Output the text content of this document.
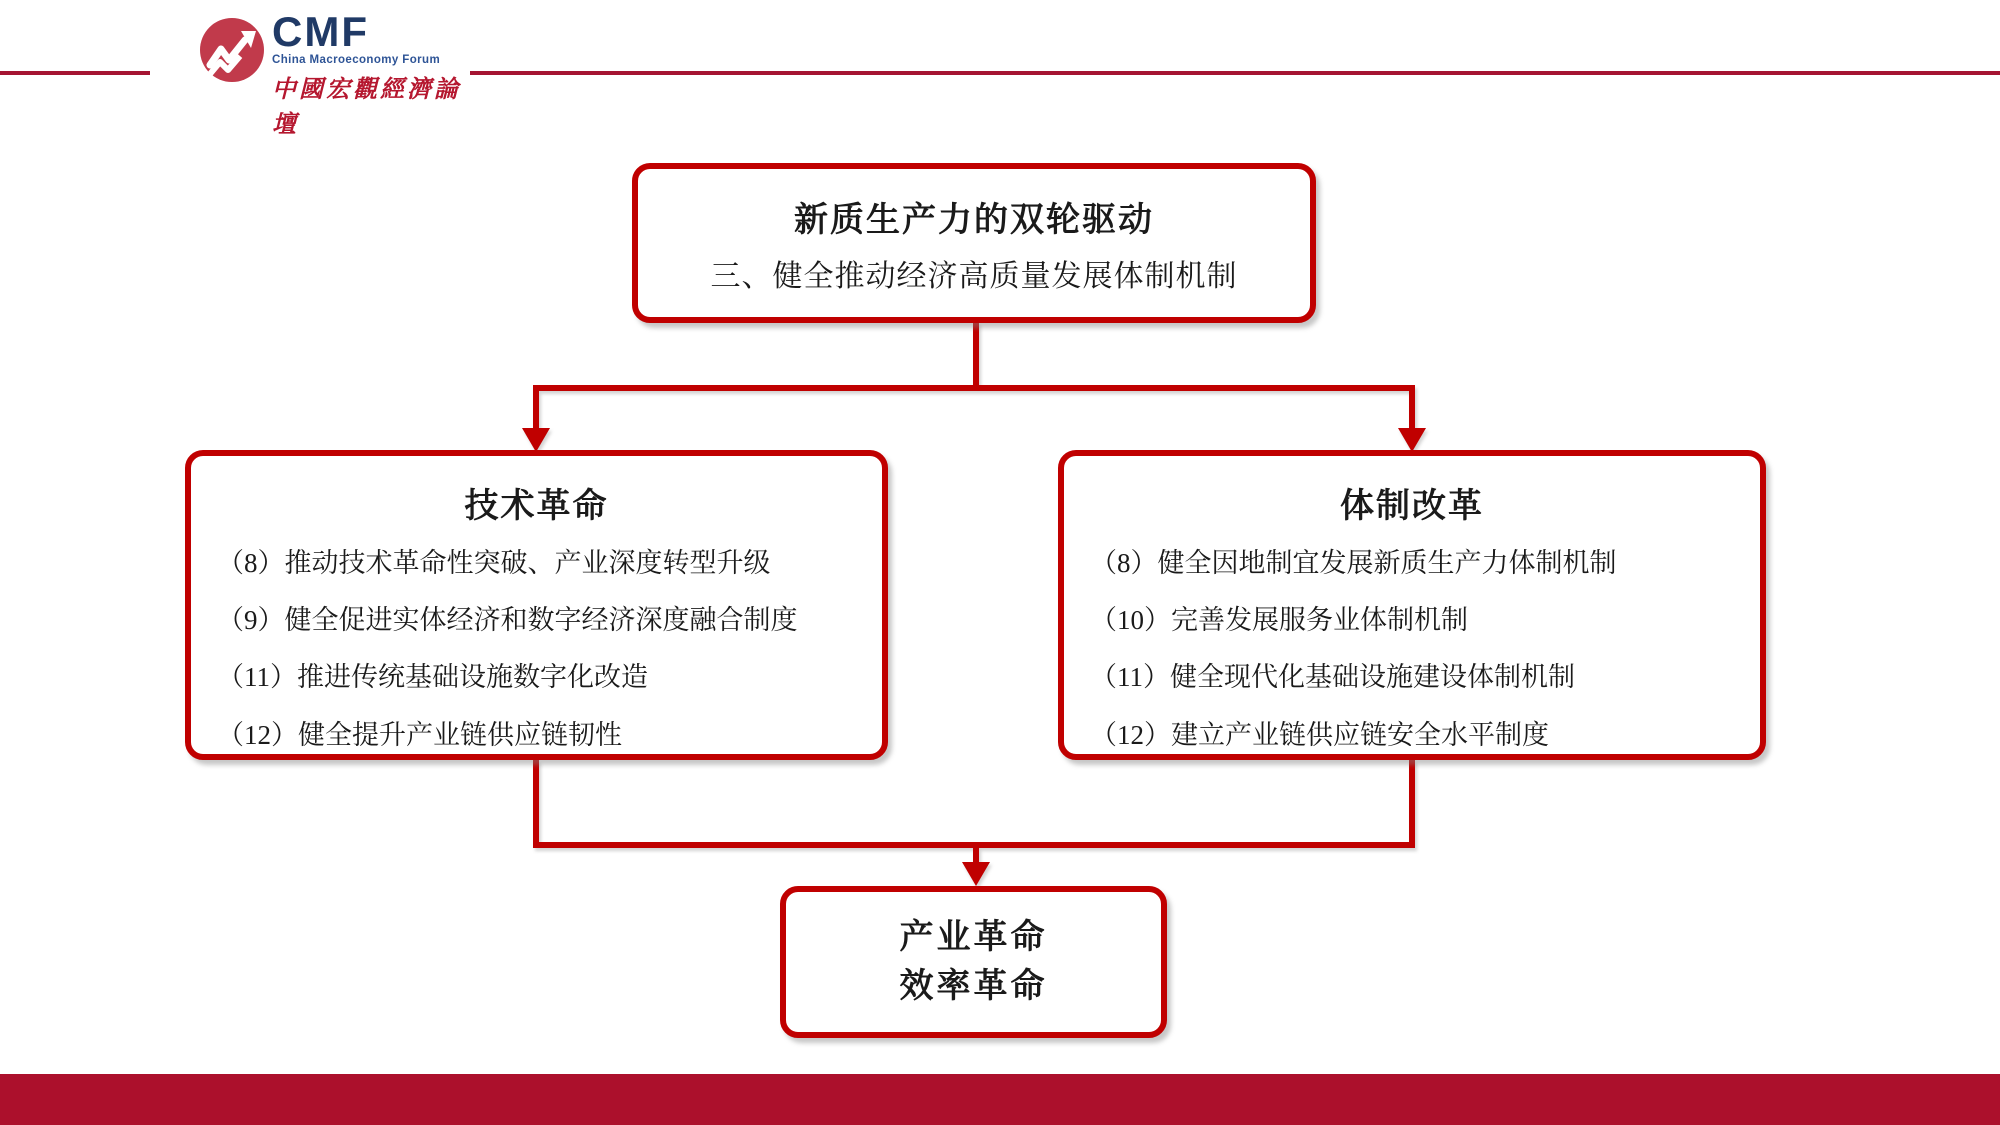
CMF
China Macroeconomy Forum
中國宏觀經濟論壇
新质生产力的双轮驱动
三、健全推动经济高质量发展体制机制
技术革命
（8）推动技术革命性突破、产业深度转型升级
（9）健全促进实体经济和数字经济深度融合制度
（11）推进传统基础设施数字化改造
（12）健全提升产业链供应链韧性
体制改革
（8）健全因地制宜发展新质生产力体制机制
（10）完善发展服务业体制机制
（11）健全现代化基础设施建设体制机制
（12）建立产业链供应链安全水平制度
产业革命
效率革命
